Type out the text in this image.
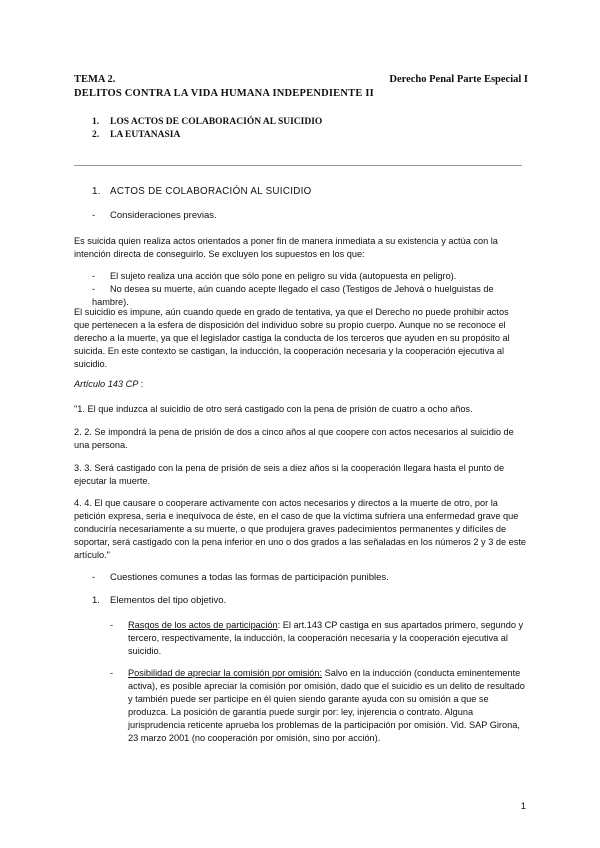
TEMA 2.	Derecho Penal Parte Especial I
DELITOS CONTRA LA VIDA HUMANA INDEPENDIENTE II
1. LOS ACTOS DE COLABORACIÓN AL SUICIDIO
2. LA EUTANASIA
1. ACTOS DE COLABORACIÓN AL SUICIDIO
- Consideraciones previas.
Es suicida quien realiza actos orientados a poner fin de manera inmediata a su existencia y actúa con la intención directa de conseguirlo. Se excluyen los supuestos en los que:
- El sujeto realiza una acción que sólo pone en peligro su vida (autopuesta en peligro).
- No desea su muerte, aún cuando acepte llegado el caso (Testigos de Jehová o huelguistas de hambre).
El suicidio es impune, aún cuando quede en grado de tentativa, ya que el Derecho no puede prohibir actos que pertenecen a la esfera de disposición del individuo sobre su propio cuerpo. Aunque no se reconoce el derecho a la muerte, ya que el legislador castiga la conducta de los terceros que ayuden en su propósito al suicida. En este contexto se castigan, la inducción, la cooperación necesaria y la cooperación ejecutiva al suicidio.
Artículo 143 CP :
"1. El que induzca al suicidio de otro será castigado con la pena de prisión de cuatro a ocho años.
2. 2. Se impondrá la pena de prisión de dos a cinco años al que coopere con actos necesarios al suicidio de una persona.
3. 3. Será castigado con la pena de prisión de seis a diez años si la cooperación llegara hasta el punto de ejecutar la muerte.
4. 4. El que causare o cooperare activamente con actos necesarios y directos a la muerte de otro, por la petición expresa, seria e inequívoca de éste, en el caso de que la víctima sufriera una enfermedad grave que conduciría necesariamente a su muerte, o que produjera graves padecimientos permanentes y difíciles de soportar, será castigado con la pena inferior en uno o dos grados a las señaladas en los números 2 y 3 de este artículo."
- Cuestiones comunes a todas las formas de participación punibles.
1. Elementos del tipo objetivo.
- Rasgos de los actos de participación: El art.143 CP castiga en sus apartados primero, segundo y tercero, respectivamente, la inducción, la cooperación necesaria y la cooperación ejecutiva al suicidio.
- Posibilidad de apreciar la comisión por omisión: Salvo en la inducción (conducta eminentemente activa), es posible apreciar la comisión por omisión, dado que el suicidio es un delito de resultado y también puede ser participe en él quien siendo garante ayuda con su omisión a que se produzca. La posición de garantía puede surgir por: ley, injerencia o contrato. Alguna jurisprudencia reticente aprueba los problemas de la participación por omisión. Vid. SAP Girona, 23 marzo 2001 (no cooperación por omisión, sino por acción).
1
